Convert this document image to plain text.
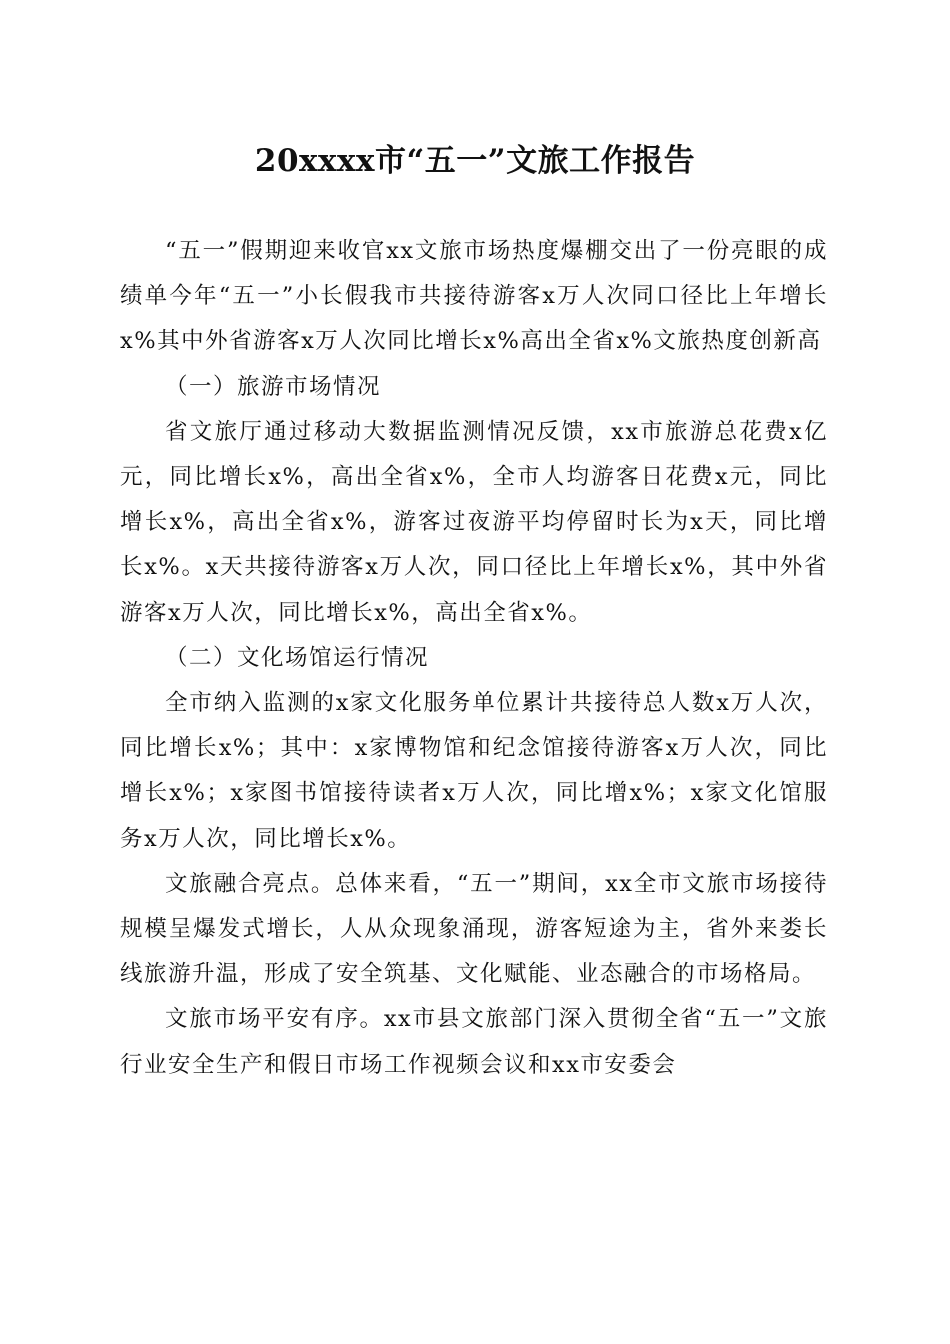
20xxxx市“五一”文旅工作报告

“五一”假期迎来收官xx文旅市场热度爆棚交出了一份亮眼的成绩单今年“五一”小长假我市共接待游客x万人次同口径比上年增长x%其中外省游客x万人次同比增长x%高出全省x%文旅热度创新高

（一）旅游市场情况

省文旅厅通过移动大数据监测情况反馈，xx市旅游总花费x亿元，同比增长x%，高出全省x%，全市人均游客日花费x元，同比增长x%，高出全省x%，游客过夜游平均停留时长为x天，同比增长x%。x天共接待游客x万人次，同口径比上年增长x%，其中外省游客x万人次，同比增长x%，高出全省x%。

（二）文化场馆运行情况

全市纳入监测的x家文化服务单位累计共接待总人数x万人次，同比增长x%；其中：x家博物馆和纪念馆接待游客x万人次，同比增长x%；x家图书馆接待读者x万人次，同比增x%；x家文化馆服务x万人次，同比增长x%。

文旅融合亮点。总体来看，“五一”期间，xx全市文旅市场接待规模呈爆发式增长，人从众现象涌现，游客短途为主，省外来娄长线旅游升温，形成了安全筑基、文化赋能、业态融合的市场格局。

文旅市场平安有序。xx市县文旅部门深入贯彻全省“五一”文旅行业安全生产和假日市场工作视频会议和xx市安委会
